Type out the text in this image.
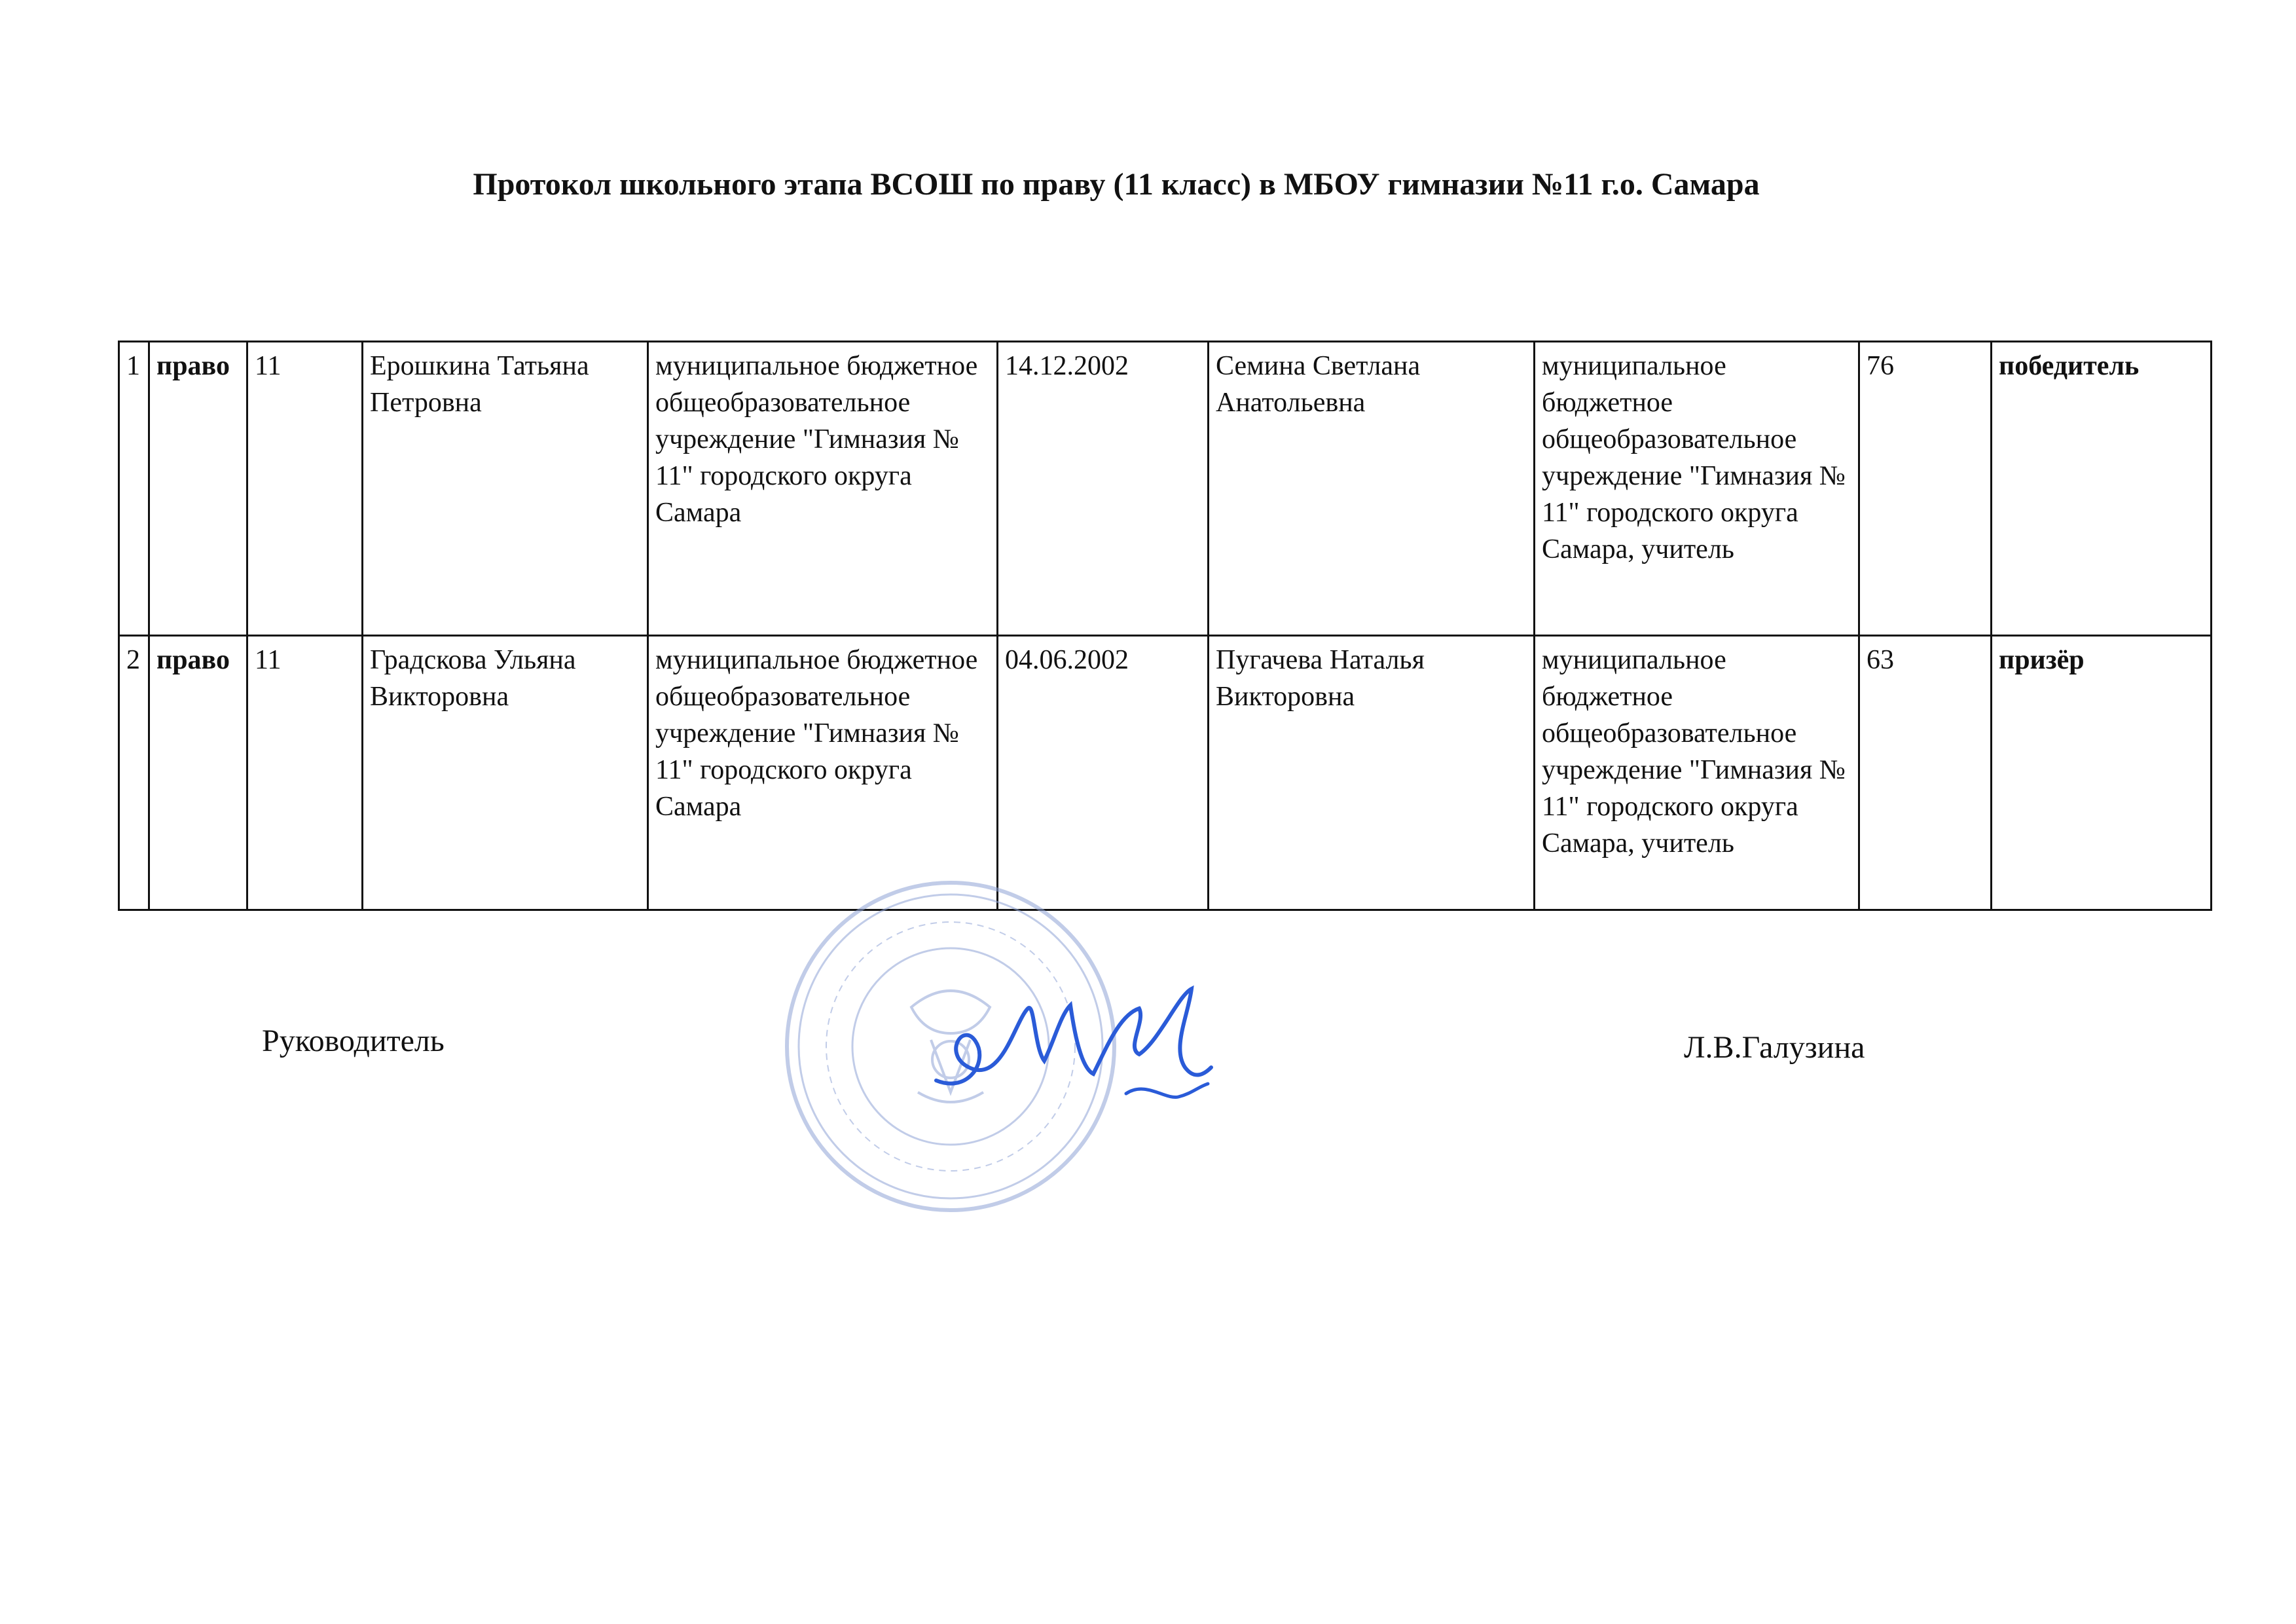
Протокол школьного этапа ВСОШ по праву (11 класс) в МБОУ гимназии №11 г.о. Самара
1	право	11	Ерошкина Татьяна Петровна	муниципальное бюджетное общеобразовательное учреждение "Гимназия № 11" городского округа Самара	14.12.2002	Семина Светлана Анатольевна	муниципальное бюджетное общеобразовательное учреждение "Гимназия № 11" городского округа Самара, учитель	76	победитель
2	право	11	Градскова Ульяна Викторовна	муниципальное бюджетное общеобразовательное учреждение "Гимназия № 11" городского округа Самара	04.06.2002	Пугачева Наталья Викторовна	муниципальное бюджетное общеобразовательное учреждение "Гимназия № 11" городского округа Самара, учитель	63	призёр
Руководитель	Л.В.Галузина
